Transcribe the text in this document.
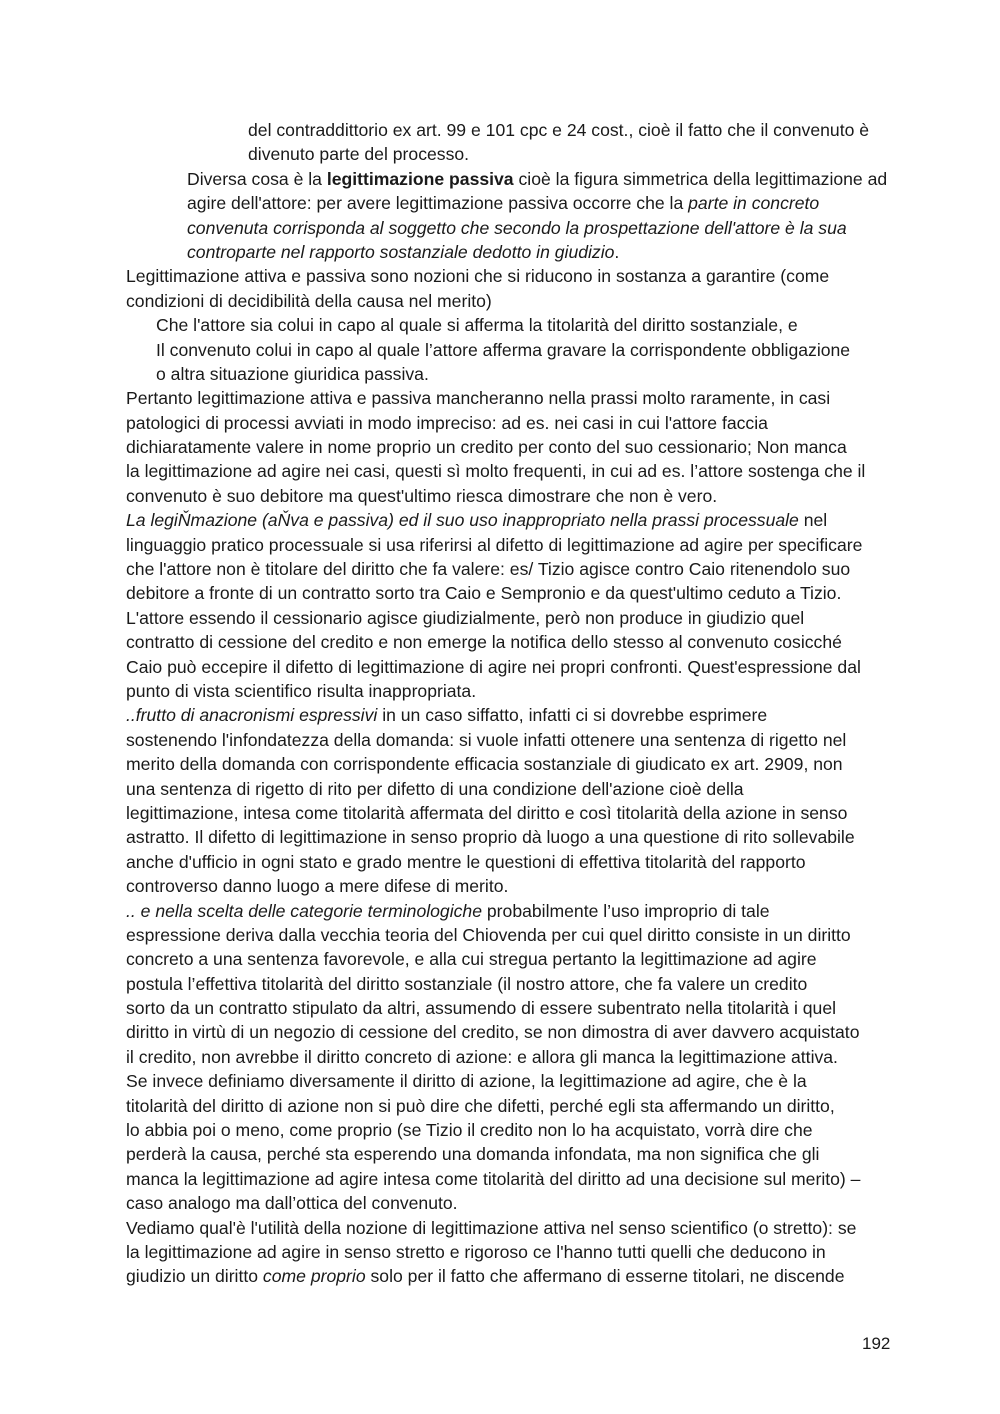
del contraddittorio ex art. 99 e 101 cpc e 24 cost., cioè il fatto che il convenuto è
divenuto parte del processo.
Diversa cosa è la legittimazione passiva cioè la figura simmetrica della legittimazione ad
agire dell'attore: per avere legittimazione passiva occorre che la parte in concreto
convenuta corrisponda al soggetto che secondo la prospettazione dell'attore è la sua
controparte nel rapporto sostanziale dedotto in giudizio.
Legittimazione attiva e passiva sono nozioni che si riducono in sostanza a garantire (come
condizioni di decidibilità della causa nel merito)
Che l'attore sia colui in capo al quale si afferma la titolarità del diritto sostanziale, e
Il convenuto colui in capo al quale l’attore afferma gravare la corrispondente obbligazione
o altra situazione giuridica passiva.
Pertanto legittimazione attiva e passiva mancheranno nella prassi molto raramente, in casi
patologici di processi avviati in modo impreciso: ad es. nei casi in cui l'attore faccia
dichiaratamente valere in nome proprio un credito per conto del suo cessionario; Non manca
la legittimazione ad agire nei casi, questi sì molto frequenti, in cui ad es. l’attore sostenga che il
convenuto è suo debitore ma quest'ultimo riesca dimostrare che non è vero.
La legiŇmazione (aŇva e passiva) ed il suo uso inappropriato nella prassi processuale nel
linguaggio pratico processuale si usa riferirsi al difetto di legittimazione ad agire per specificare
che l'attore non è titolare del diritto che fa valere: es/ Tizio agisce contro Caio ritenendolo suo
debitore a fronte di un contratto sorto tra Caio e Sempronio e da quest'ultimo ceduto a Tizio.
L'attore essendo il cessionario agisce giudizialmente, però non produce in giudizio quel
contratto di cessione del credito e non emerge la notifica dello stesso al convenuto cosicché
Caio può eccepire il difetto di legittimazione di agire nei propri confronti. Quest'espressione dal
punto di vista scientifico risulta inappropriata.
..frutto di anacronismi espressivi in un caso siffatto, infatti ci si dovrebbe esprimere
sostenendo l'infondatezza della domanda: si vuole infatti ottenere una sentenza di rigetto nel
merito della domanda con corrispondente efficacia sostanziale di giudicato ex art. 2909, non
una sentenza di rigetto di rito per difetto di una condizione dell'azione cioè della
legittimazione, intesa come titolarità affermata del diritto e così titolarità della azione in senso
astratto. Il difetto di legittimazione in senso proprio dà luogo a una questione di rito sollevabile
anche d'ufficio in ogni stato e grado mentre le questioni di effettiva titolarità del rapporto
controverso danno luogo a mere difese di merito.
.. e nella scelta delle categorie terminologiche probabilmente l’uso improprio di tale
espressione deriva dalla vecchia teoria del Chiovenda per cui quel diritto consiste in un diritto
concreto a una sentenza favorevole, e alla cui stregua pertanto la legittimazione ad agire
postula l’effettiva titolarità del diritto sostanziale (il nostro attore, che fa valere un credito
sorto da un contratto stipulato da altri, assumendo di essere subentrato nella titolarità i quel
diritto in virtù di un negozio di cessione del credito, se non dimostra di aver davvero acquistato
il credito, non avrebbe il diritto concreto di azione: e allora gli manca la legittimazione attiva.
Se invece definiamo diversamente il diritto di azione, la legittimazione ad agire, che è la
titolarità del diritto di azione non si può dire che difetti, perché egli sta affermando un diritto,
lo abbia poi o meno, come proprio (se Tizio il credito non lo ha acquistato, vorrà dire che
perderà la causa, perché sta esperendo una domanda infondata, ma non significa che gli
manca la legittimazione ad agire intesa come titolarità del diritto ad una decisione sul merito) –
caso analogo ma dall’ottica del convenuto.
Vediamo qual'è l'utilità della nozione di legittimazione attiva nel senso scientifico (o stretto): se
la legittimazione ad agire in senso stretto e rigoroso ce l'hanno tutti quelli che deducono in
giudizio un diritto come proprio solo per il fatto che affermano di esserne titolari, ne discende
192
